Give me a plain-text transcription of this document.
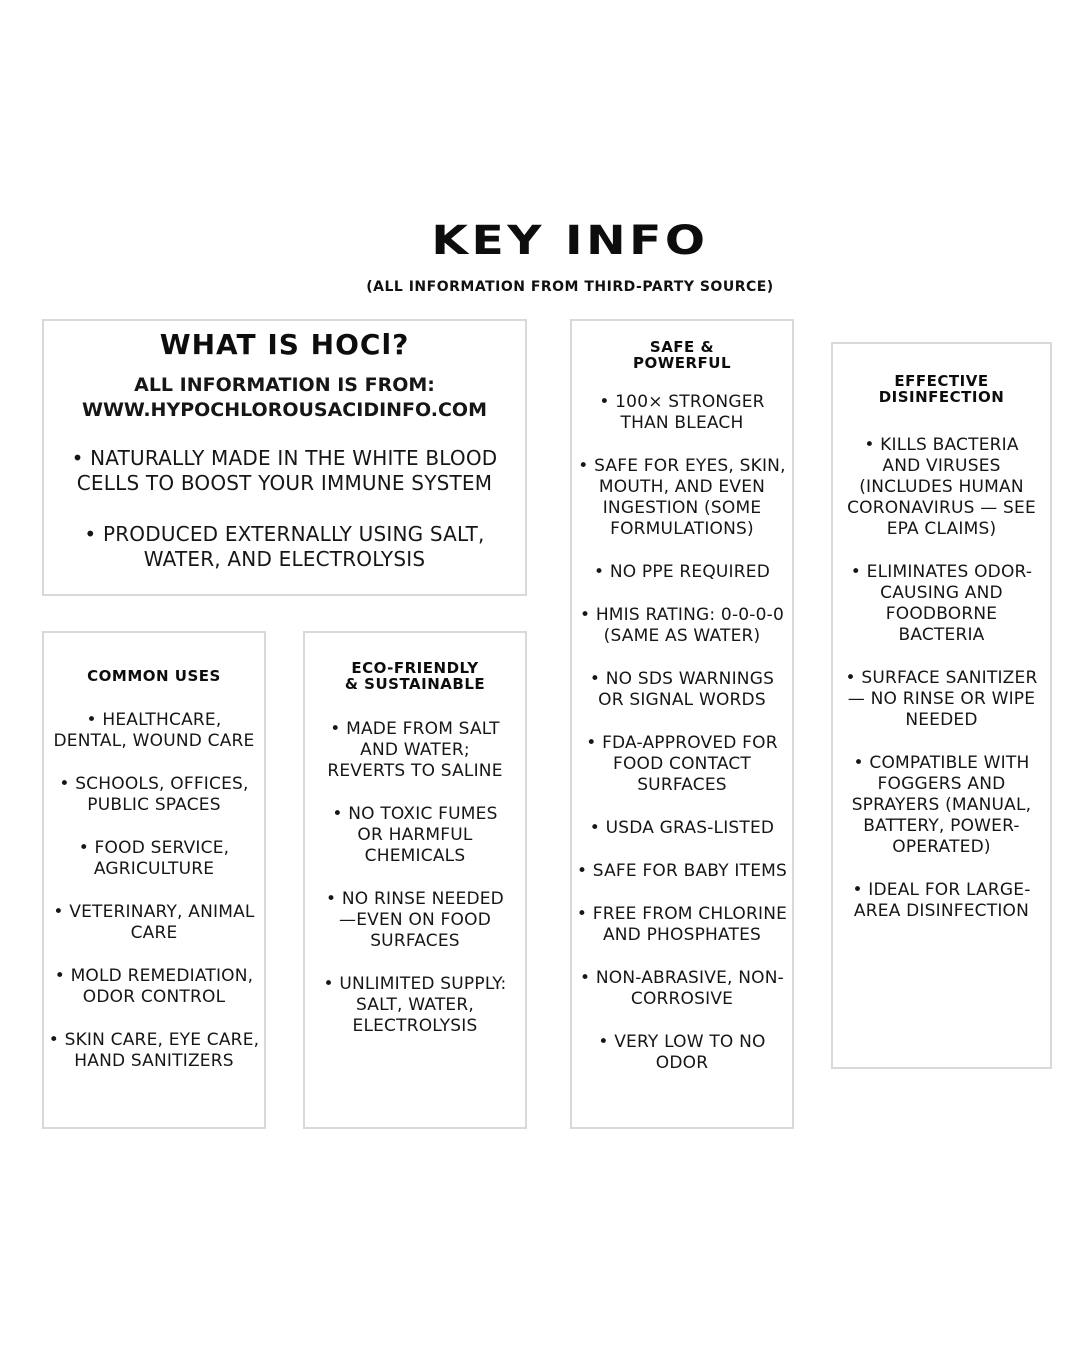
KEY INFO
(ALL INFORMATION FROM THIRD-PARTY SOURCE)
WHAT IS HOCl?
ALL INFORMATION IS FROM:
WWW.HYPOCHLOROUSACIDINFO.COM
• NATURALLY MADE IN THE WHITE BLOOD CELLS TO BOOST YOUR IMMUNE SYSTEM
• PRODUCED EXTERNALLY USING SALT, WATER, AND ELECTROLYSIS
COMMON USES
• HEALTHCARE, DENTAL, WOUND CARE
• SCHOOLS, OFFICES, PUBLIC SPACES
• FOOD SERVICE, AGRICULTURE
• VETERINARY, ANIMAL CARE
• MOLD REMEDIATION, ODOR CONTROL
• SKIN CARE, EYE CARE, HAND SANITIZERS
ECO-FRIENDLY
& SUSTAINABLE
• MADE FROM SALT AND WATER; REVERTS TO SALINE
• NO TOXIC FUMES OR HARMFUL CHEMICALS
• NO RINSE NEEDED —EVEN ON FOOD SURFACES
• UNLIMITED SUPPLY: SALT, WATER, ELECTROLYSIS
SAFE &
POWERFUL
• 100× STRONGER THAN BLEACH
• SAFE FOR EYES, SKIN, MOUTH, AND EVEN INGESTION (SOME FORMULATIONS)
• NO PPE REQUIRED
• HMIS RATING: 0-0-0-0 (SAME AS WATER)
• NO SDS WARNINGS OR SIGNAL WORDS
• FDA-APPROVED FOR FOOD CONTACT SURFACES
• USDA GRAS-LISTED
• SAFE FOR BABY ITEMS
• FREE FROM CHLORINE AND PHOSPHATES
• NON-ABRASIVE, NON-CORROSIVE
• VERY LOW TO NO ODOR
EFFECTIVE
DISINFECTION
• KILLS BACTERIA AND VIRUSES (INCLUDES HUMAN CORONAVIRUS — SEE EPA CLAIMS)
• ELIMINATES ODOR-CAUSING AND FOODBORNE BACTERIA
• SURFACE SANITIZER — NO RINSE OR WIPE NEEDED
• COMPATIBLE WITH FOGGERS AND SPRAYERS (MANUAL, BATTERY, POWER-OPERATED)
• IDEAL FOR LARGE-AREA DISINFECTION
